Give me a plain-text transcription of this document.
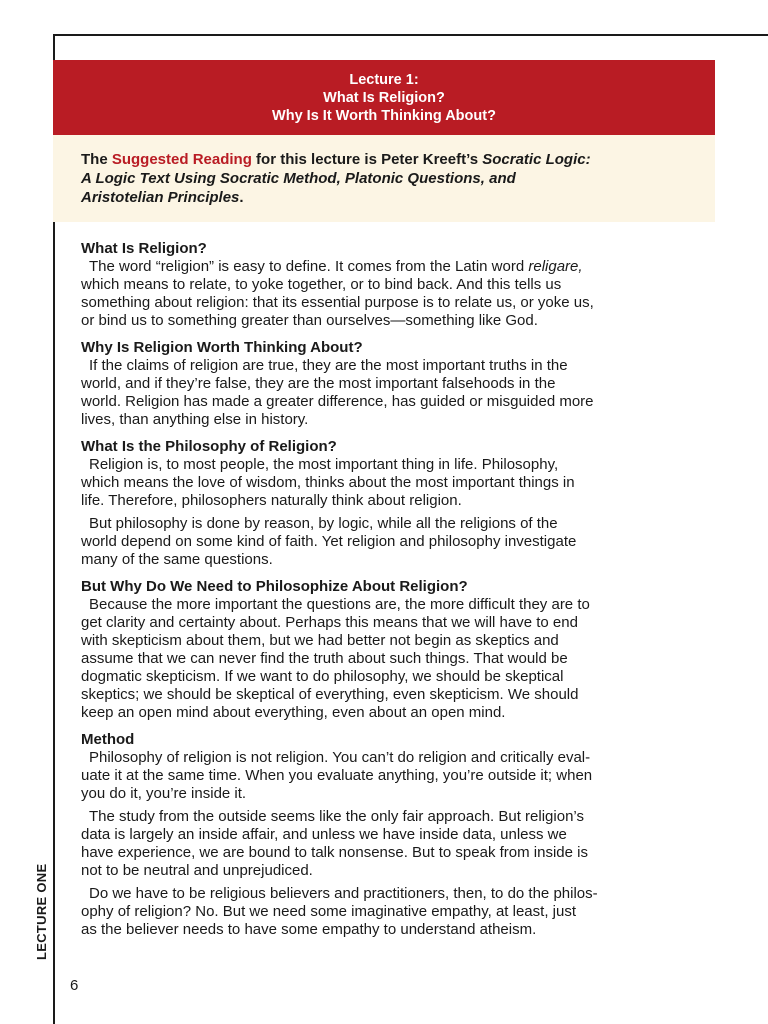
Lecture 1:
What Is Religion?
Why Is It Worth Thinking About?
The Suggested Reading for this lecture is Peter Kreeft’s Socratic Logic:
A Logic Text Using Socratic Method, Platonic Questions, and
Aristotelian Principles.
What Is Religion?

The word “religion” is easy to define. It comes from the Latin word religare,
which means to relate, to yoke together, or to bind back. And this tells us
something about religion: that its essential purpose is to relate us, or yoke us,
or bind us to something greater than ourselves—something like God.

Why Is Religion Worth Thinking About?

If the claims of religion are true, they are the most important truths in the
world, and if they’re false, they are the most important falsehoods in the
world. Religion has made a greater difference, has guided or misguided more
lives, than anything else in history.

What Is the Philosophy of Religion?

Religion is, to most people, the most important thing in life. Philosophy,
which means the love of wisdom, thinks about the most important things in
life. Therefore, philosophers naturally think about religion.

But philosophy is done by reason, by logic, while all the religions of the
world depend on some kind of faith. Yet religion and philosophy investigate
many of the same questions.

But Why Do We Need to Philosophize About Religion?

Because the more important the questions are, the more difficult they are to
get clarity and certainty about. Perhaps this means that we will have to end
with skepticism about them, but we had better not begin as skeptics and
assume that we can never find the truth about such things. That would be
dogmatic skepticism. If we want to do philosophy, we should be skeptical
skeptics; we should be skeptical of everything, even skepticism. We should
keep an open mind about everything, even about an open mind.

Method

Philosophy of religion is not religion. You can’t do religion and critically eval-
uate it at the same time. When you evaluate anything, you’re outside it; when
you do it, you’re inside it.

The study from the outside seems like the only fair approach. But religion’s
data is largely an inside affair, and unless we have inside data, unless we
have experience, we are bound to talk nonsense. But to speak from inside is
not to be neutral and unprejudiced.

Do we have to be religious believers and practitioners, then, to do the philos-
ophy of religion? No. But we need some imaginative empathy, at least, just
as the believer needs to have some empathy to understand atheism.

LECTURE ONE
6
